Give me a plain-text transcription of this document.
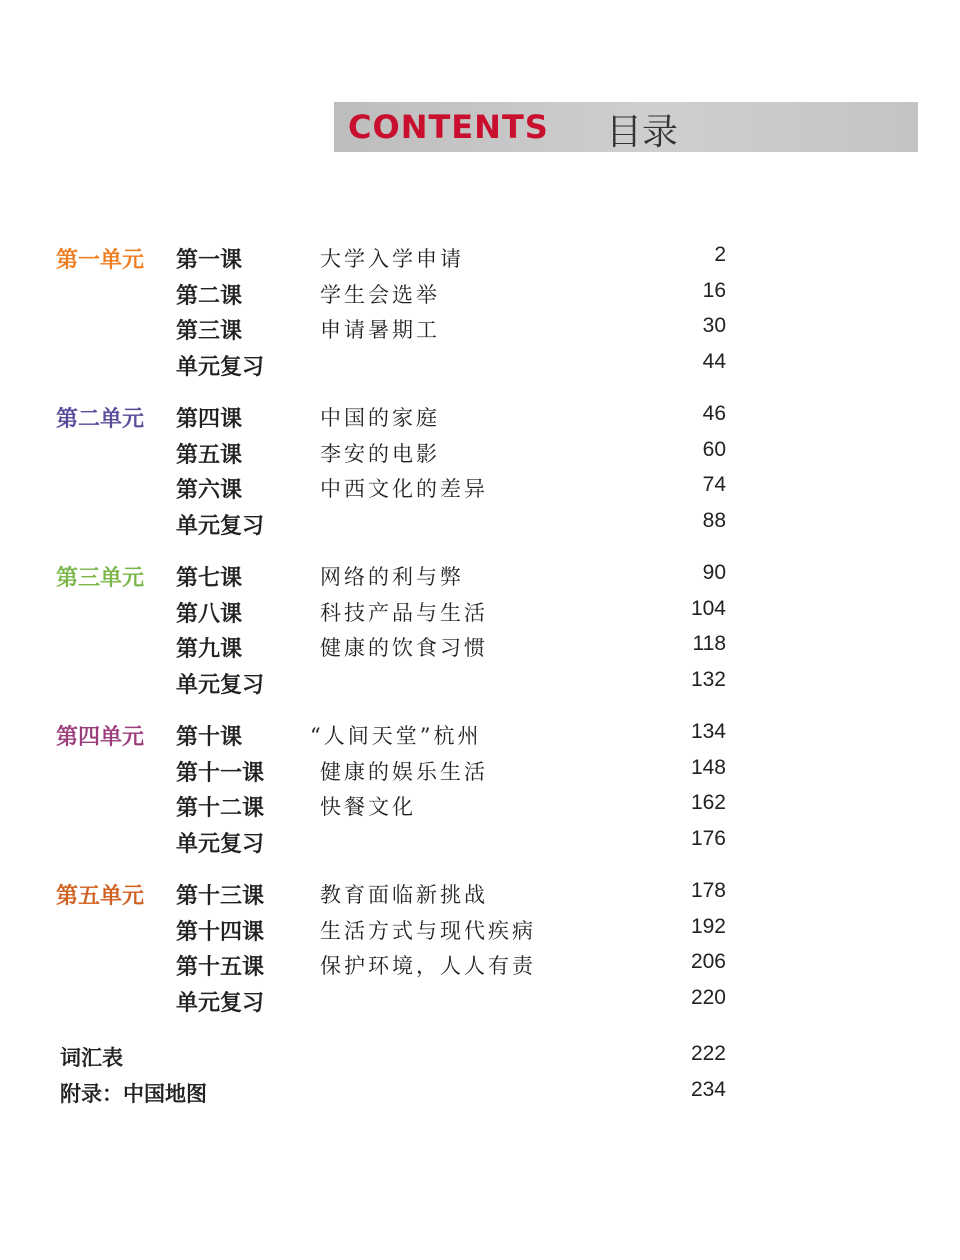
CONTENTS 目录
第一单元	第一课	大学入学申请	2
第二课	学生会选举	16
第三课	申请暑期工	30
单元复习	44
第二单元	第四课	中国的家庭	46
第五课	李安的电影	60
第六课	中西文化的差异	74
单元复习	88
第三单元	第七课	网络的利与弊	90
第八课	科技产品与生活	104
第九课	健康的饮食习惯	118
单元复习	132
第四单元	第十课	“人间天堂”杭州	134
第十一课	健康的娱乐生活	148
第十二课	快餐文化	162
单元复习	176
第五单元	第十三课	教育面临新挑战	178
第十四课	生活方式与现代疾病	192
第十五课	保护环境，人人有责	206
单元复习	220
词汇表	222
附录：中国地图	234
